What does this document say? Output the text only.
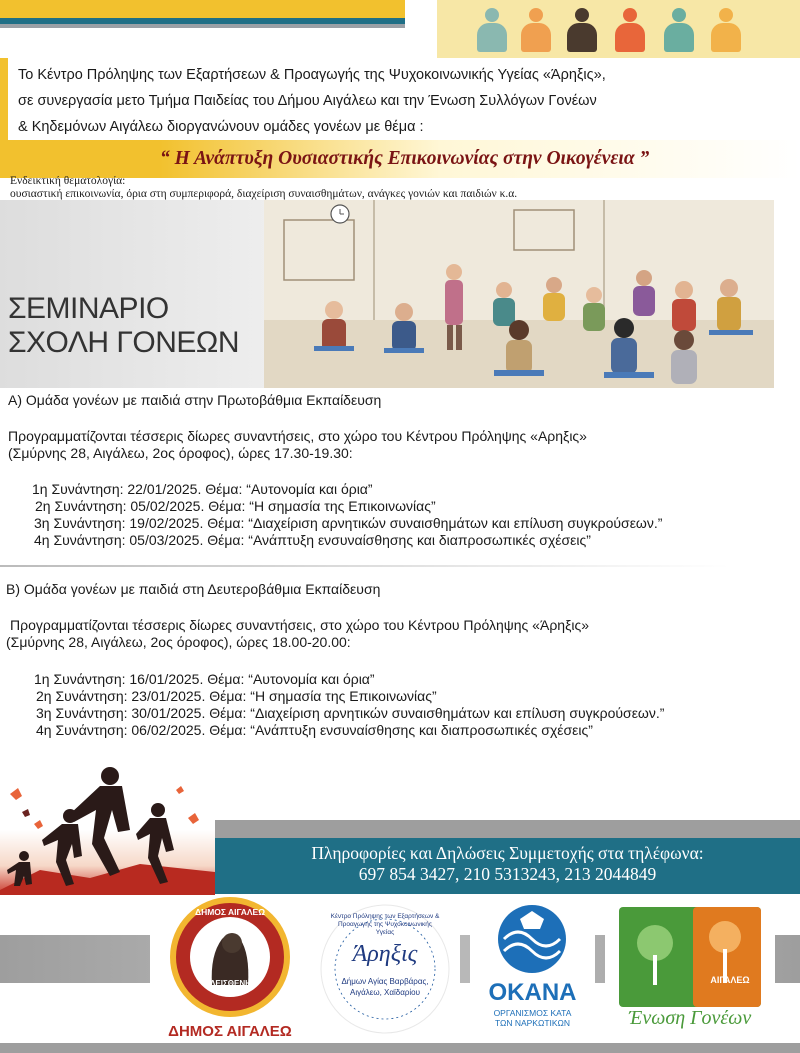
Το Κέντρο Πρόληψης των Εξαρτήσεων & Προαγωγής της Ψυχοκοινωνικής Υγείας «Άρηξις»,
σε συνεργασία μετο Τμήμα Παιδείας του Δήμου Αιγάλεω και την Ένωση Συλλόγων Γονέων
& Κηδεμόνων Αιγάλεω διοργανώνουν ομάδες γονέων με θέμα :
“ Η Ανάπτυξη Ουσιαστικής Επικοινωνίας στην Οικογένεια ”
Ενδεικτική θεματολογία:
ουσιαστική επικοινωνία, όρια στη συμπεριφορά, διαχείριση συναισθημάτων, ανάγκες γονιών και παιδιών κ.α.
ΣΕΜΙΝΑΡΙΟ
ΣΧΟΛΗ ΓΟΝΕΩΝ
Α) Ομάδα γονέων με παιδιά στην Πρωτοβάθμια Εκπαίδευση
Προγραμματίζονται τέσσερις δίωρες συναντήσεις, στο χώρο του Κέντρου Πρόληψης «Αρηξις»
(Σμύρνης 28, Αιγάλεω, 2ος όροφος), ώρες 17.30-19.30:
1η Συνάντηση: 22/01/2025. Θέμα: “Αυτονομία και όρια”
2η Συνάντηση: 05/02/2025. Θέμα: “Η σημασία της Επικοινωνίας”
3η Συνάντηση: 19/02/2025. Θέμα: “Διαχείριση αρνητικών συναισθημάτων και επίλυση συγκρούσεων.”
4η Συνάντηση: 05/03/2025. Θέμα: “Ανάπτυξη ενσυναίσθησης και διαπροσωπικές σχέσεις”
Β) Ομάδα γονέων με παιδιά στη Δευτεροβάθμια Εκπαίδευση
Προγραμματίζονται τέσσερις δίωρες συναντήσεις, στο χώρο του Κέντρου Πρόληψης «Άρηξις»
(Σμύρνης 28, Αιγάλεω, 2ος όροφος), ώρες 18.00-20.00:
1η Συνάντηση: 16/01/2025. Θέμα: “Αυτονομία και όρια”
2η Συνάντηση: 23/01/2025. Θέμα: “Η σημασία της Επικοινωνίας”
3η Συνάντηση: 30/01/2025. Θέμα: “Διαχείριση αρνητικών συναισθημάτων και επίλυση συγκρούσεων.”
4η Συνάντηση: 06/02/2025. Θέμα: “Ανάπτυξη ενσυναίσθησης και διαπροσωπικές σχέσεις”
Πληροφορίες και Δηλώσεις Συμμετοχής στα τηλέφωνα:
697 854 3427, 210 5313243, 213 2044849
ΔΗΜΟΣ ΑΙΓΑΛΕΩ
ΚΛΕΙΣΘΕΝΗΣ
ΔΗΜΟΣ ΑΙΓΑΛΕΩ
Κέντρο Πρόληψης των Εξαρτήσεων & Προαγωγής της Ψυχοκοινωνικής Υγείας
Άρηξις
Δήμων Αγίας Βαρβάρας,
Αιγάλεω, Χαϊδαρίου	ΟΚΑΝΑ
ΟΡΓΑΝΙΣΜΟΣ ΚΑΤΑ
ΤΩΝ ΝΑΡΚΩΤΙΚΩΝ
ΑΙΓΑΛΕΩ
Ένωση Γονέων
